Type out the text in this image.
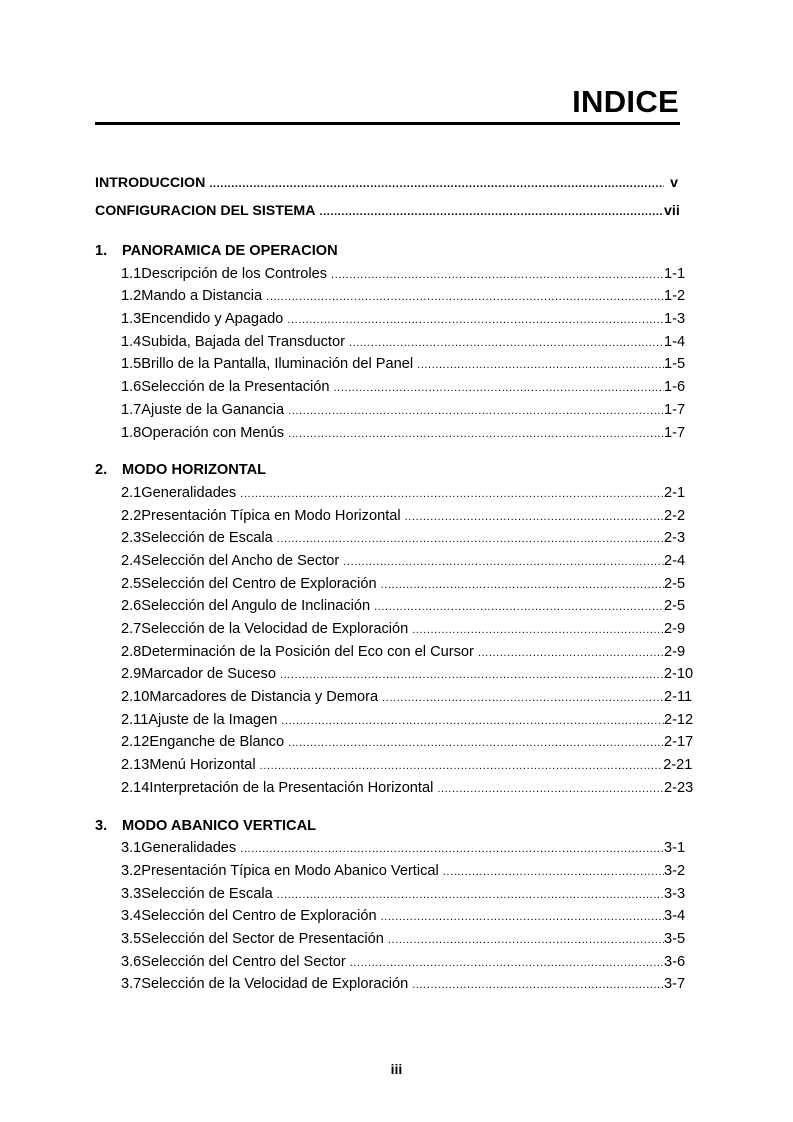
INDICE
INTRODUCCION .....	v
CONFIGURACION DEL SISTEMA .....	vii
1.	PANORAMICA DE OPERACION
1.1 Descripción de los Controles .....	1-1
1.2 Mando a Distancia .....	1-2
1.3 Encendido y Apagado .....	1-3
1.4 Subida, Bajada del Transductor .....	1-4
1.5 Brillo de la Pantalla, Iluminación del Panel .....	1-5
1.6 Selección de la Presentación .....	1-6
1.7 Ajuste de la Ganancia .....	1-7
1.8 Operación con Menús .....	1-7
2.	MODO HORIZONTAL
2.1 Generalidades .....	2-1
2.2 Presentación Típica en Modo Horizontal .....	2-2
2.3 Selección de Escala .....	2-3
2.4 Selección del Ancho de Sector .....	2-4
2.5 Selección del Centro de Exploración .....	2-5
2.6 Selección del Angulo de Inclinación .....	2-5
2.7 Selección de la Velocidad de Exploración .....	2-9
2.8 Determinación de la Posición del Eco con el Cursor .....	2-9
2.9 Marcador de Suceso .....	2-10
2.10 Marcadores de Distancia y Demora .....	2-11
2.11 Ajuste de la Imagen .....	2-12
2.12 Enganche de Blanco .....	2-17
2.13 Menú Horizontal .....	2-21
2.14 Interpretación de la Presentación Horizontal .....	2-23
3.	MODO ABANICO VERTICAL
3.1 Generalidades .....	3-1
3.2 Presentación Típica en Modo Abanico Vertical .....	3-2
3.3 Selección de Escala .....	3-3
3.4 Selección del Centro de Exploración .....	3-4
3.5 Selección del Sector de Presentación .....	3-5
3.6 Selección del Centro del Sector .....	3-6
3.7 Selección de la Velocidad de Exploración .....	3-7
iii
